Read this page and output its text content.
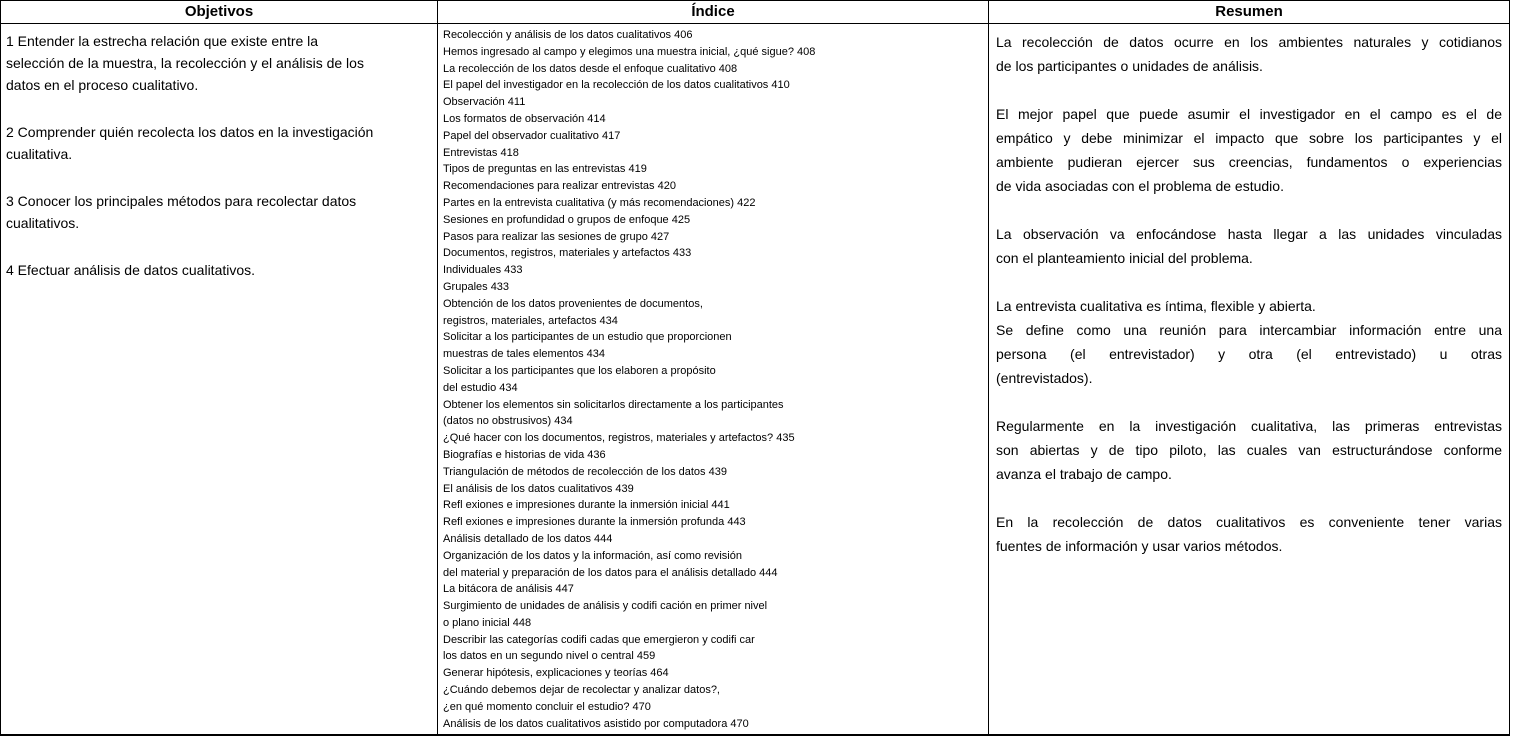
Objetivos
1 Entender la estrecha relación que existe entre la
selección de la muestra, la recolección y el análisis de los
datos en el proceso cualitativo.
2 Comprender quién recolecta los datos en la investigación
cualitativa.
3 Conocer los principales métodos para recolectar datos
cualitativos.
4 Efectuar análisis de datos cualitativos.
Índice
Recolección y análisis de los datos cualitativos 406
Hemos ingresado al campo y elegimos una muestra inicial, ¿qué sigue? 408
La recolección de los datos desde el enfoque cualitativo 408
El papel del investigador en la recolección de los datos cualitativos 410
Observación 411
Los formatos de observación 414
Papel del observador cualitativo 417
Entrevistas 418
Tipos de preguntas en las entrevistas 419
Recomendaciones para realizar entrevistas 420
Partes en la entrevista cualitativa (y más recomendaciones) 422
Sesiones en profundidad o grupos de enfoque 425
Pasos para realizar las sesiones de grupo 427
Documentos, registros, materiales y artefactos 433
Individuales 433
Grupales 433
Obtención de los datos provenientes de documentos,
registros, materiales, artefactos 434
Solicitar a los participantes de un estudio que proporcionen
muestras de tales elementos 434
Solicitar a los participantes que los elaboren a propósito
del estudio 434
Obtener los elementos sin solicitarlos directamente a los participantes
(datos no obstrusivos) 434
¿Qué hacer con los documentos, registros, materiales y artefactos? 435
Biografías e historias de vida 436
Triangulación de métodos de recolección de los datos 439
El análisis de los datos cualitativos 439
Refl exiones e impresiones durante la inmersión inicial 441
Refl exiones e impresiones durante la inmersión profunda 443
Análisis detallado de los datos 444
Organización de los datos y la información, así como revisión
del material y preparación de los datos para el análisis detallado 444
La bitácora de análisis 447
Surgimiento de unidades de análisis y codifi cación en primer nivel
o plano inicial 448
Describir las categorías codifi cadas que emergieron y codifi car
los datos en un segundo nivel o central 459
Generar hipótesis, explicaciones y teorías 464
¿Cuándo debemos dejar de recolectar y analizar datos?,
¿en qué momento concluir el estudio? 470
Análisis de los datos cualitativos asistido por computadora 470
Resumen
La recolección de datos ocurre en los ambientes naturales y cotidianos
de los participantes o unidades de análisis.
El mejor papel que puede asumir el investigador en el campo es el de
empático y debe minimizar el impacto que sobre los participantes y el
ambiente pudieran ejercer sus creencias, fundamentos o experiencias
de vida asociadas con el problema de estudio.
La observación va enfocándose hasta llegar a las unidades vinculadas
con el planteamiento inicial del problema.
La entrevista cualitativa es íntima, flexible y abierta.
Se define como una reunión para intercambiar información entre una
persona (el entrevistador) y otra (el entrevistado) u otras
(entrevistados).
Regularmente en la investigación cualitativa, las primeras entrevistas
son abiertas y de tipo piloto, las cuales van estructurándose conforme
avanza el trabajo de campo.
En la recolección de datos cualitativos es conveniente tener varias
fuentes de información y usar varios métodos.
